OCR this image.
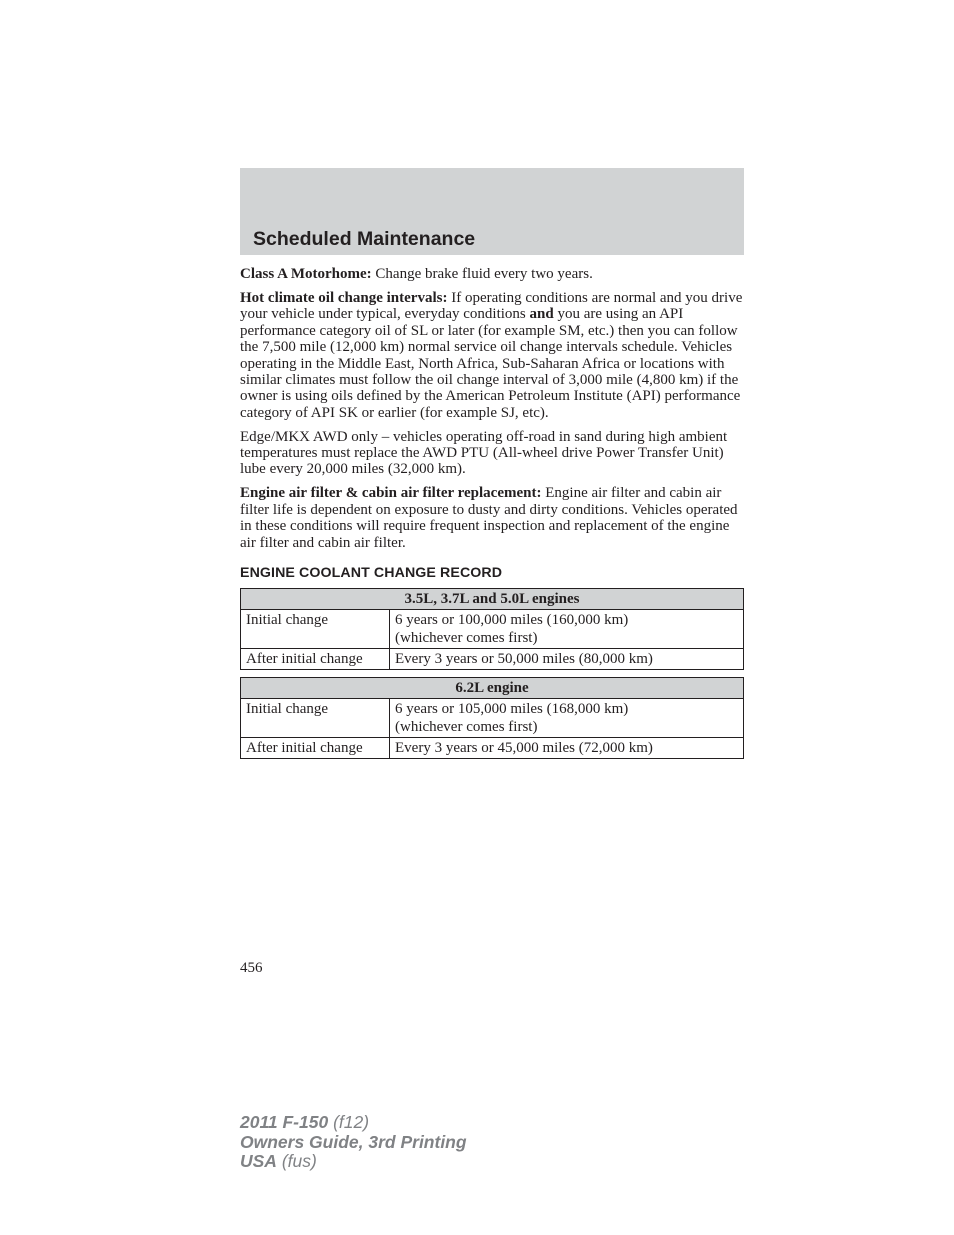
Scheduled Maintenance

Class A Motorhome: Change brake fluid every two years.

Hot climate oil change intervals: If operating conditions are normal and you drive your vehicle under typical, everyday conditions and you are using an API performance category oil of SL or later (for example SM, etc.) then you can follow the 7,500 mile (12,000 km) normal service oil change intervals schedule. Vehicles operating in the Middle East, North Africa, Sub-Saharan Africa or locations with similar climates must follow the oil change interval of 3,000 mile (4,800 km) if the owner is using oils defined by the American Petroleum Institute (API) performance category of API SK or earlier (for example SJ, etc).

Edge/MKX AWD only – vehicles operating off-road in sand during high ambient temperatures must replace the AWD PTU (All-wheel drive Power Transfer Unit) lube every 20,000 miles (32,000 km).

Engine air filter & cabin air filter replacement: Engine air filter and cabin air filter life is dependent on exposure to dusty and dirty conditions. Vehicles operated in these conditions will require frequent inspection and replacement of the engine air filter and cabin air filter.

ENGINE COOLANT CHANGE RECORD
3.5L, 3.7L and 5.0L engines	
Initial change	6 years or 100,000 miles (160,000 km)
(whichever comes first)
After initial change	Every 3 years or 50,000 miles (80,000 km)
6.2L engine	
Initial change	6 years or 105,000 miles (168,000 km)
(whichever comes first)
After initial change	Every 3 years or 45,000 miles (72,000 km)
456
2011 F-150 (f12)
Owners Guide, 3rd Printing
USA (fus)
